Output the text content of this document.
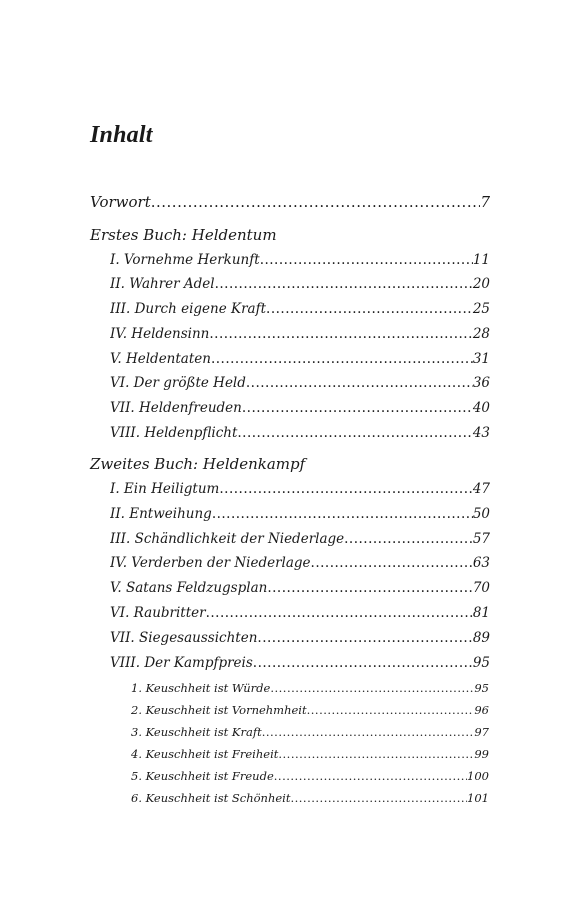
Inhalt
Vorwort .....	7
Erstes Buch: Heldentum
I. Vornehme Herkunft .....	11
II. Wahrer Adel .....	20
III. Durch eigene Kraft .....	25
IV. Heldensinn .....	28
V. Heldentaten .....	31
VI. Der größte Held .....	36
VII. Heldenfreuden .....	40
VIII. Heldenpflicht .....	43
Zweites Buch: Heldenkampf
I. Ein Heiligtum .....	47
II. Entweihung .....	50
III. Schändlichkeit der Niederlage .....	57
IV. Verderben der Niederlage .....	63
V. Satans Feldzugsplan .....	70
VI. Raubritter .....	81
VII. Siegesaussichten .....	89
VIII. Der Kampfpreis .....	95
1. Keuschheit ist Würde .....	95
2. Keuschheit ist Vornehmheit .....	96
3. Keuschheit ist Kraft .....	97
4. Keuschheit ist Freiheit .....	99
5. Keuschheit ist Freude .....	100
6. Keuschheit ist Schönheit .....	101
